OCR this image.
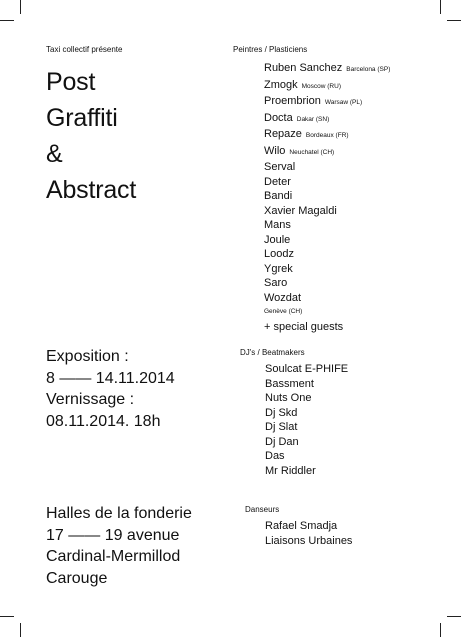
Taxi collectif présente	Peintres / Plasticiens
Post
Graffiti
&
Abstract
Ruben Sanchez Barcelona (SP)
Zmogk Moscow (RU)
Proembrion Warsaw (PL)
Docta Dakar (SN)
Repaze Bordeaux (FR)
Wilo Neuchatel (CH)
Serval
Deter
Bandi
Xavier Magaldi
Mans
Joule
Loodz
Ygrek
Saro
Wozdat
Genève (CH)
+ special guests
Exposition :
8 —— 14.11.2014
Vernissage :
08.11.2014. 18h
DJ's / Beatmakers
Soulcat E-PHIFE
Bassment
Nuts One
Dj Skd
Dj Slat
Dj Dan
Das
Mr Riddler
Halles de la fonderie
17 —— 19 avenue
Cardinal-Mermillod
Carouge
Danseurs
Rafael Smadja
Liaisons Urbaines
